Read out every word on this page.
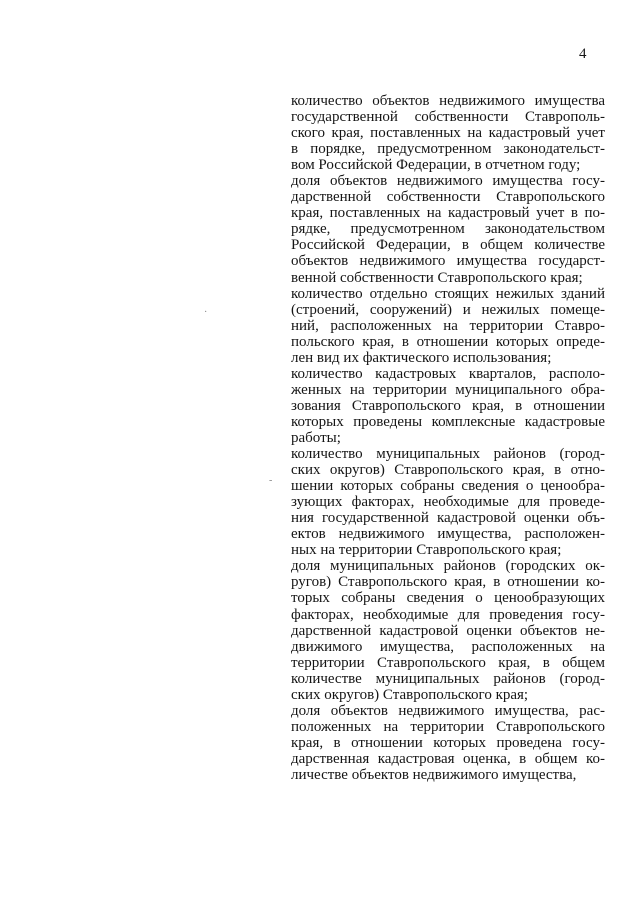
4
количество объектов недвижимого имущества
государственной собственности Ставрополь-
ского края, поставленных на кадастровый учет
в порядке, предусмотренном законодательст-
вом Российской Федерации, в отчетном году;
доля объектов недвижимого имущества госу-
дарственной собственности Ставропольского
края, поставленных на кадастровый учет в по-
рядке, предусмотренном законодательством
Российской Федерации, в общем количестве
объектов недвижимого имущества государст-
венной собственности Ставропольского края;
количество отдельно стоящих нежилых зданий
(строений, сооружений) и нежилых помеще-
ний, расположенных на территории Ставро-
польского края, в отношении которых опреде-
лен вид их фактического использования;
количество кадастровых кварталов, располо-
женных на территории муниципального обра-
зования Ставропольского края, в отношении
которых проведены комплексные кадастровые
работы;
количество муниципальных районов (город-
ских округов) Ставропольского края, в отно-
шении которых собраны сведения о ценообра-
зующих факторах, необходимые для проведе-
ния государственной кадастровой оценки объ-
ектов недвижимого имущества, расположен-
ных на территории Ставропольского края;
доля муниципальных районов (городских ок-
ругов) Ставропольского края, в отношении ко-
торых собраны сведения о ценообразующих
факторах, необходимые для проведения госу-
дарственной кадастровой оценки объектов не-
движимого имущества, расположенных на
территории Ставропольского края, в общем
количестве муниципальных районов (город-
ских округов) Ставропольского края;
доля объектов недвижимого имущества, рас-
положенных на территории Ставропольского
края, в отношении которых проведена госу-
дарственная кадастровая оценка, в общем ко-
личестве объектов недвижимого имущества,
·
-
